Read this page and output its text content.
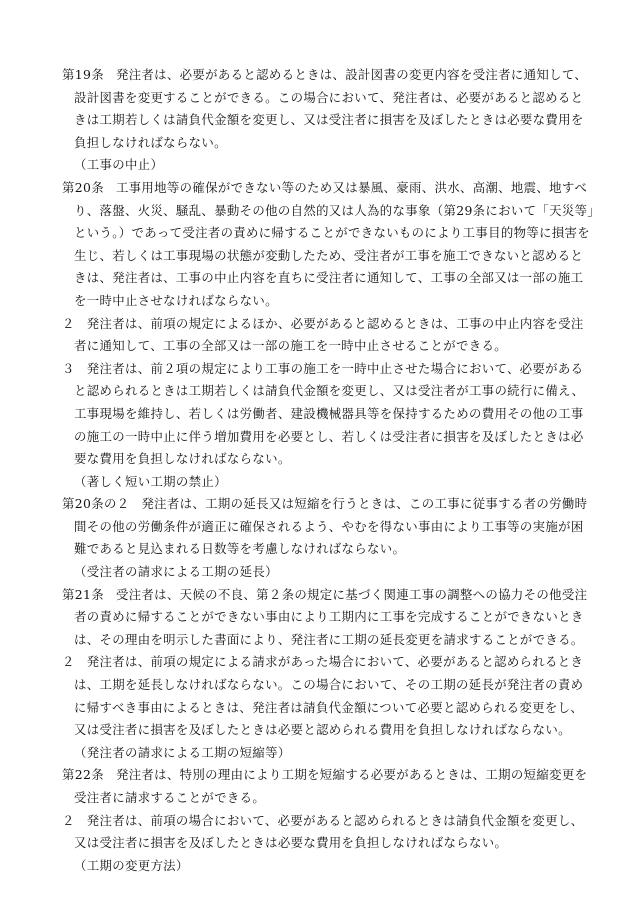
第19条 発注者は、必要があると認めるときは、設計図書の変更内容を受注者に通知して、設計図書を変更することができる。この場合において、発注者は、必要があると認めるときは工期若しくは請負代金額を変更し、又は受注者に損害を及ぼしたときは必要な費用を負担しなければならない。

（工事の中止）

第20条 工事用地等の確保ができない等のため又は暴風、豪雨、洪水、高潮、地震、地すべり、落盤、火災、騒乱、暴動その他の自然的又は人為的な事象（第29条において「天災等」という。）であって受注者の責めに帰することができないものにより工事目的物等に損害を生じ、若しくは工事現場の状態が変動したため、受注者が工事を施工できないと認めるときは、発注者は、工事の中止内容を直ちに受注者に通知して、工事の全部又は一部の施工を一時中止させなければならない。

２ 発注者は、前項の規定によるほか、必要があると認めるときは、工事の中止内容を受注者に通知して、工事の全部又は一部の施工を一時中止させることができる。

３ 発注者は、前２項の規定により工事の施工を一時中止させた場合において、必要があると認められるときは工期若しくは請負代金額を変更し、又は受注者が工事の続行に備え、工事現場を維持し、若しくは労働者、建設機械器具等を保持するための費用その他の工事の施工の一時中止に伴う増加費用を必要とし、若しくは受注者に損害を及ぼしたときは必要な費用を負担しなければならない。

（著しく短い工期の禁止）

第20条の２ 発注者は、工期の延長又は短縮を行うときは、この工事に従事する者の労働時間その他の労働条件が適正に確保されるよう、やむを得ない事由により工事等の実施が困難であると見込まれる日数等を考慮しなければならない。

（受注者の請求による工期の延長）

第21条 受注者は、天候の不良、第２条の規定に基づく関連工事の調整への協力その他受注者の責めに帰することができない事由により工期内に工事を完成することができないときは、その理由を明示した書面により、発注者に工期の延長変更を請求することができる。

２ 発注者は、前項の規定による請求があった場合において、必要があると認められるときは、工期を延長しなければならない。この場合において、その工期の延長が発注者の責めに帰すべき事由によるときは、発注者は請負代金額について必要と認められる変更をし、又は受注者に損害を及ぼしたときは必要と認められる費用を負担しなければならない。

（発注者の請求による工期の短縮等）

第22条 発注者は、特別の理由により工期を短縮する必要があるときは、工期の短縮変更を受注者に請求することができる。

２ 発注者は、前項の場合において、必要があると認められるときは請負代金額を変更し、又は受注者に損害を及ぼしたときは必要な費用を負担しなければならない。

（工期の変更方法）
